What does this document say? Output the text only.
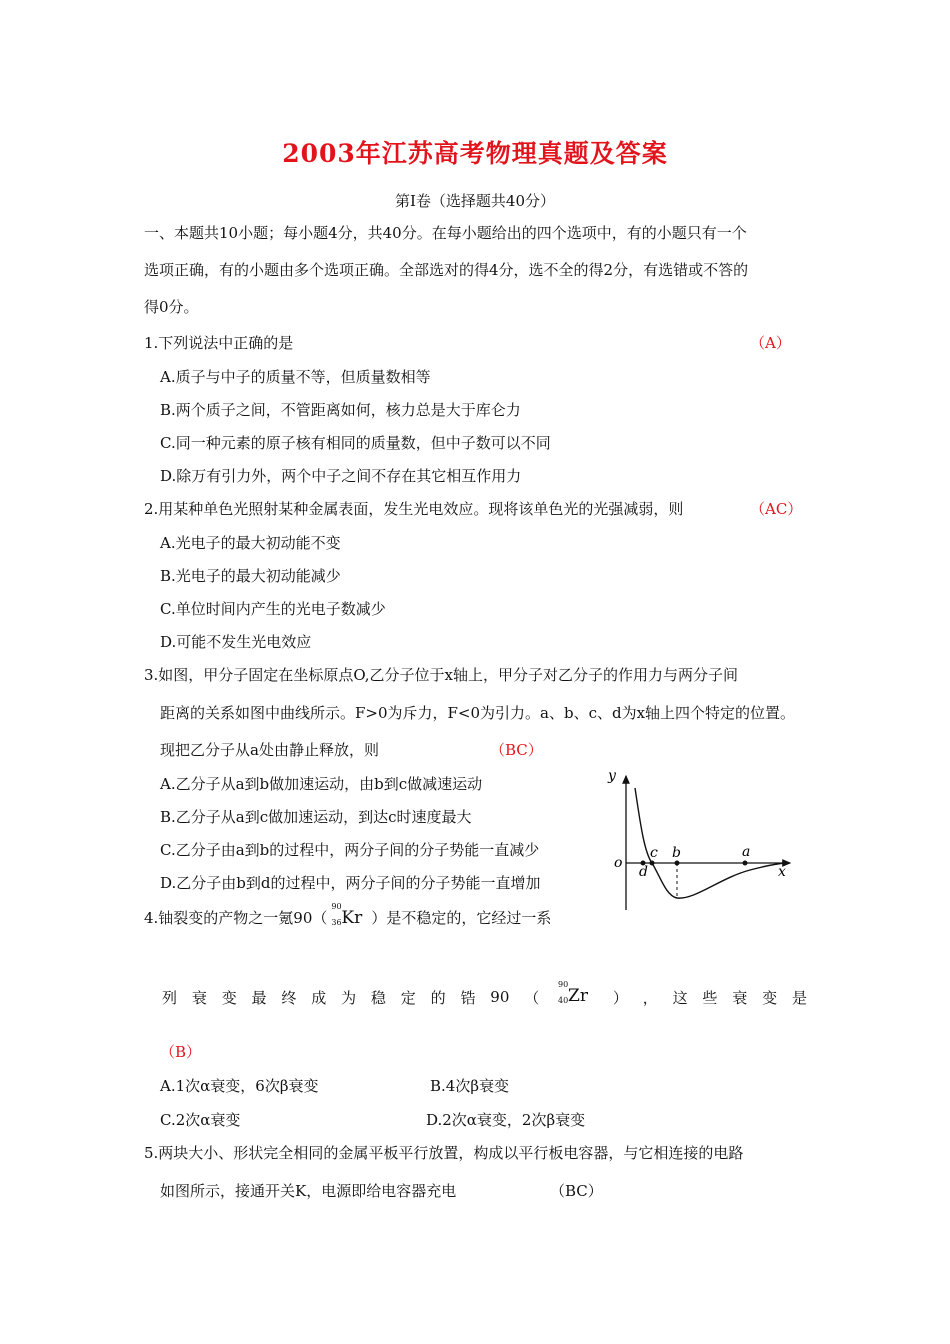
2003年江苏高考物理真题及答案
第Ⅰ卷（选择题共40分）
一、本题共10小题；每小题4分，共40分。在每小题给出的四个选项中，有的小题只有一个
选项正确，有的小题由多个选项正确。全部选对的得4分，选不全的得2分，有选错或不答的
得0分。
1.下列说法中正确的是	（A）
A.质子与中子的质量不等，但质量数相等
B.两个质子之间，不管距离如何，核力总是大于库仑力
C.同一种元素的原子核有相同的质量数，但中子数可以不同
D.除万有引力外，两个中子之间不存在其它相互作用力
2.用某种单色光照射某种金属表面，发生光电效应。现将该单色光的光强减弱，则	（AC）
A.光电子的最大初动能不变
B.光电子的最大初动能减少
C.单位时间内产生的光电子数减少
D.可能不发生光电效应
3.如图，甲分子固定在坐标原点O,乙分子位于x轴上，甲分子对乙分子的作用力与两分子间
距离的关系如图中曲线所示。F>0为斥力，F<0为引力。a、b、c、d为x轴上四个特定的位置。
现把乙分子从a处由静止释放，则	（BC）
A.乙分子从a到b做加速运动，由b到c做减速运动
B.乙分子从a到c做加速运动，到达c时速度最大
C.乙分子由a到b的过程中，两分子间的分子势能一直减少
D.乙分子由b到d的过程中，两分子间的分子势能一直增加
y
x
o
c
d
b	a
4.铀裂变的产物之一氪90（
90
36 Kr ）是不稳定的，它经过一系
列 衰 变 最 终 成 为 稳 定 的 锆 90 （
90
40 Zr ） ， 这 些 衰 变 是
（B）
A.1次α衰变，6次β衰变	B.4次β衰变
C.2次α衰变	D.2次α衰变，2次β衰变
5.两块大小、形状完全相同的金属平板平行放置，构成以平行板电容器，与它相连接的电路
如图所示，接通开关K，电源即给电容器充电	（BC）
